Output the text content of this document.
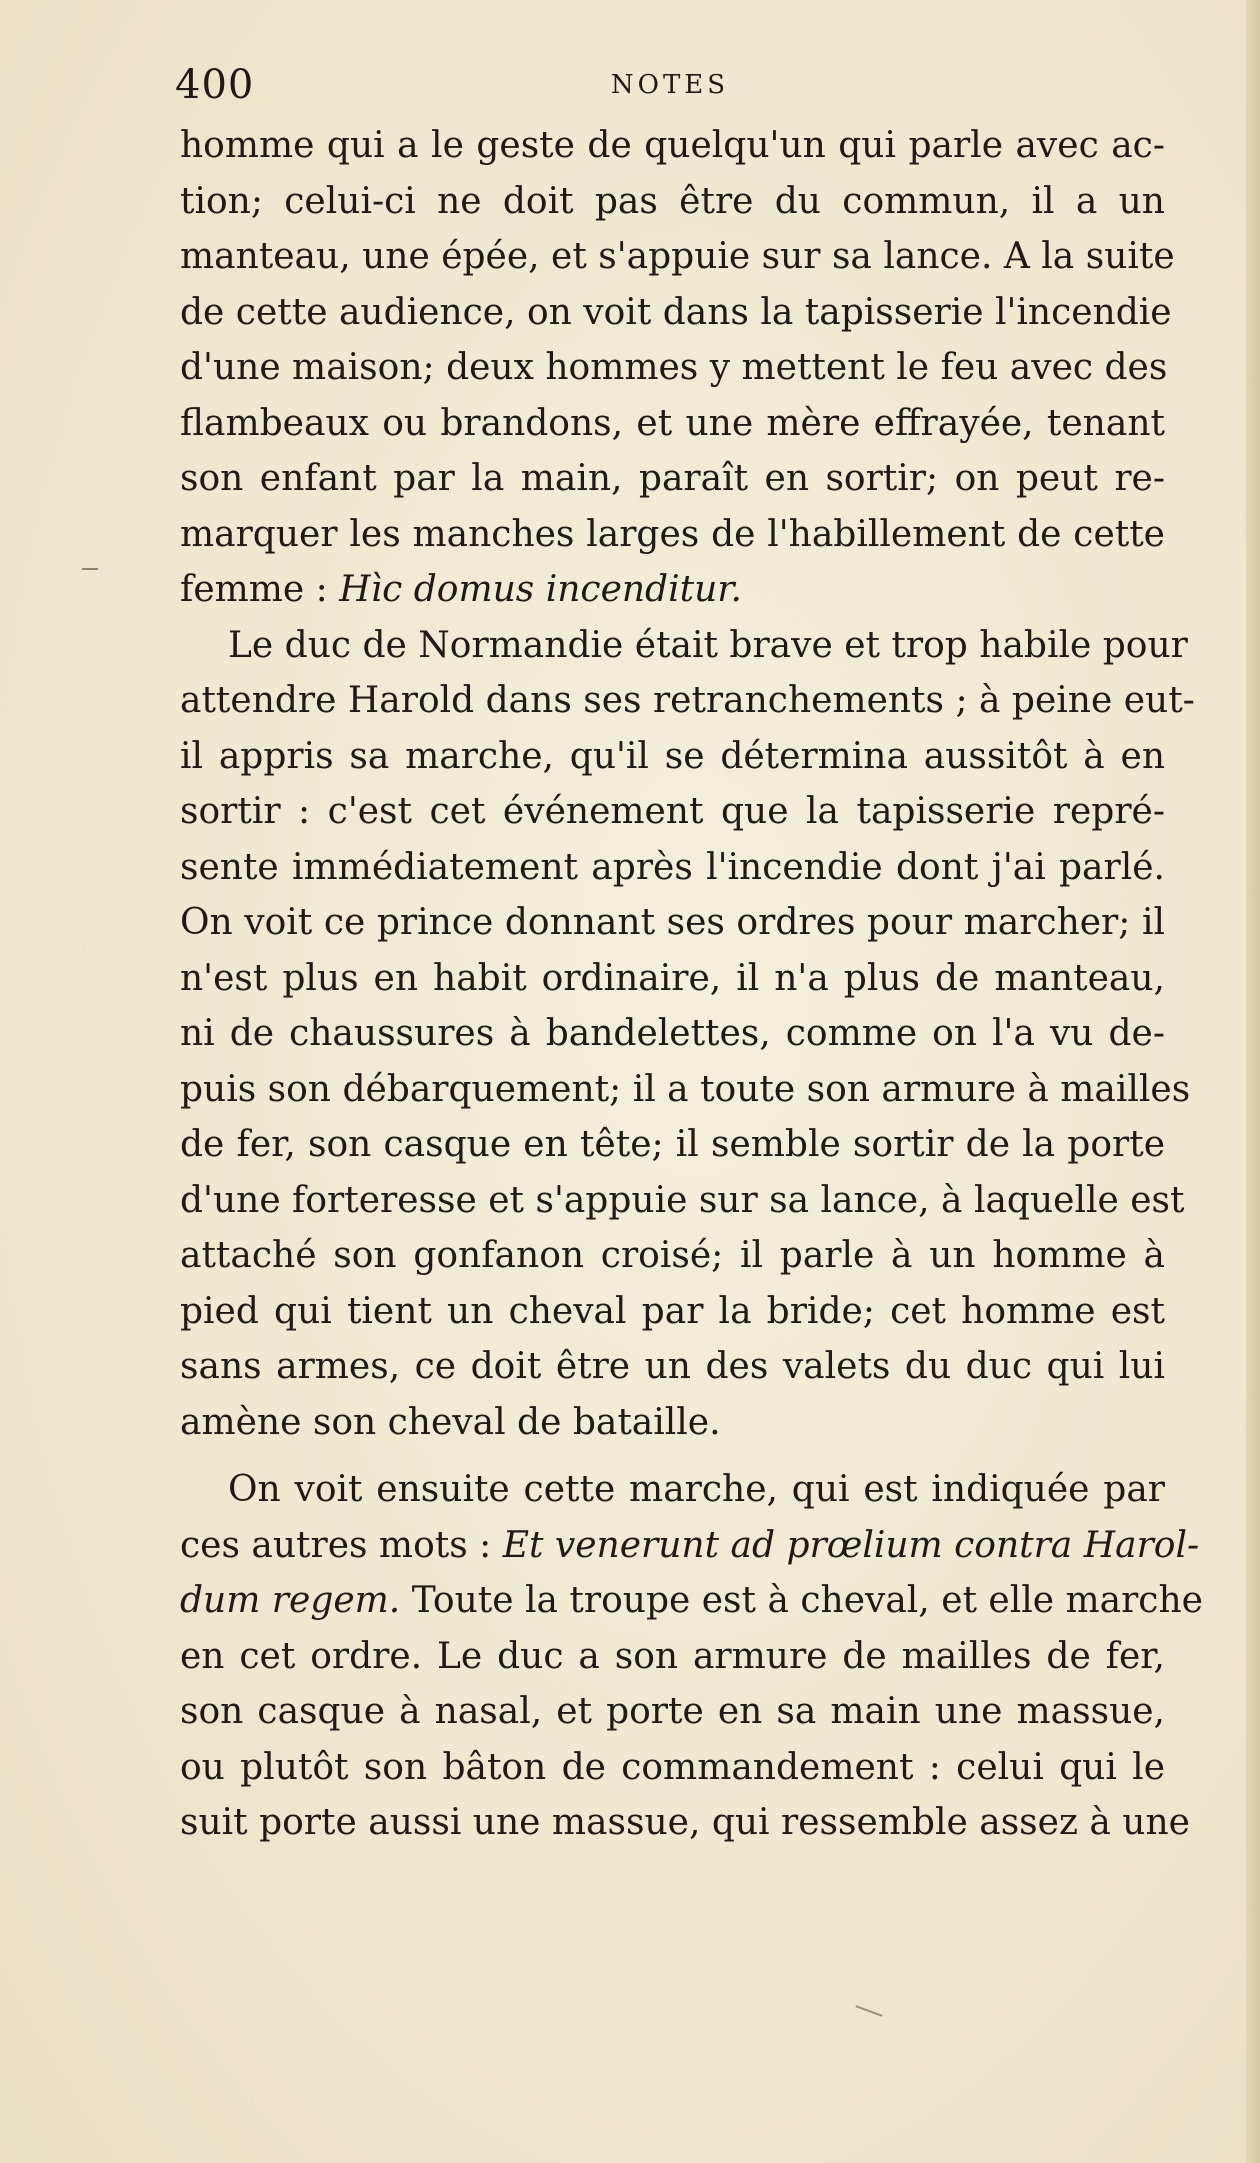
400	NOTES
homme qui a le geste de quelqu'un qui parle avec ac-
tion; celui-ci ne doit pas être du commun, il a un
manteau, une épée, et s'appuie sur sa lance. A la suite
de cette audience, on voit dans la tapisserie l'incendie
d'une maison; deux hommes y mettent le feu avec des
flambeaux ou brandons, et une mère effrayée, tenant
son enfant par la main, paraît en sortir; on peut re-
marquer les manches larges de l'habillement de cette
femme : Hìc domus incenditur.
Le duc de Normandie était brave et trop habile pour
attendre Harold dans ses retranchements ; à peine eut-
il appris sa marche, qu'il se détermina aussitôt à en
sortir : c'est cet événement que la tapisserie repré-
sente immédiatement après l'incendie dont j'ai parlé.
On voit ce prince donnant ses ordres pour marcher; il
n'est plus en habit ordinaire, il n'a plus de manteau,
ni de chaussures à bandelettes, comme on l'a vu de-
puis son débarquement; il a toute son armure à mailles
de fer, son casque en tête; il semble sortir de la porte
d'une forteresse et s'appuie sur sa lance, à laquelle est
attaché son gonfanon croisé; il parle à un homme à
pied qui tient un cheval par la bride; cet homme est
sans armes, ce doit être un des valets du duc qui lui
amène son cheval de bataille.
On voit ensuite cette marche, qui est indiquée par
ces autres mots : Et venerunt ad prœlium contra Harol-
dum regem. Toute la troupe est à cheval, et elle marche
en cet ordre. Le duc a son armure de mailles de fer,
son casque à nasal, et porte en sa main une massue,
ou plutôt son bâton de commandement : celui qui le
suit porte aussi une massue, qui ressemble assez à une
